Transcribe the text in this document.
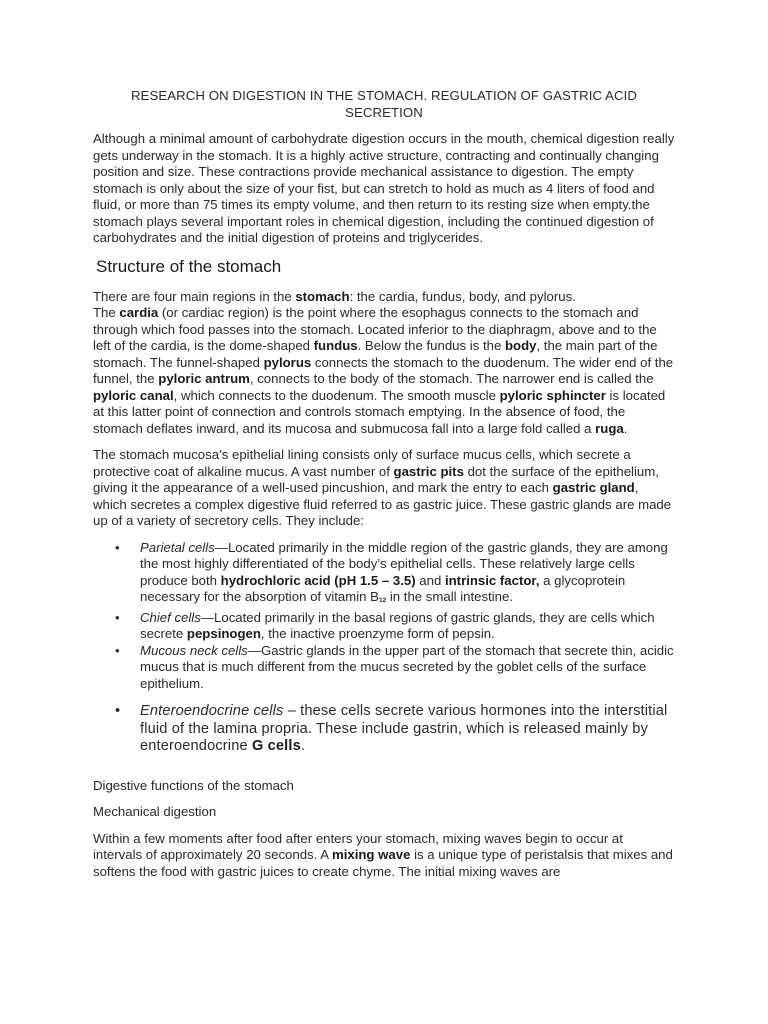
RESEARCH ON DIGESTION IN THE STOMACH. REGULATION OF GASTRIC ACID SECRETION

Although a minimal amount of carbohydrate digestion occurs in the mouth, chemical digestion really gets underway in the stomach. It is a highly active structure, contracting and continually changing position and size. These contractions provide mechanical assistance to digestion. The empty stomach is only about the size of your fist, but can stretch to hold as much as 4 liters of food and fluid, or more than 75 times its empty volume, and then return to its resting size when empty.the stomach plays several important roles in chemical digestion, including the continued digestion of carbohydrates and the initial digestion of proteins and triglycerides.

Structure of the stomach

There are four main regions in the stomach: the cardia, fundus, body, and pylorus.

The cardia (or cardiac region) is the point where the esophagus connects to the stomach and through which food passes into the stomach. Located inferior to the diaphragm, above and to the left of the cardia, is the dome-shaped fundus. Below the fundus is the body, the main part of the stomach. The funnel-shaped pylorus connects the stomach to the duodenum. The wider end of the funnel, the pyloric antrum, connects to the body of the stomach. The narrower end is called the pyloric canal, which connects to the duodenum. The smooth muscle pyloric sphincter is located at this latter point of connection and controls stomach emptying. In the absence of food, the stomach deflates inward, and its mucosa and submucosa fall into a large fold called a ruga.

The stomach mucosa’s epithelial lining consists only of surface mucus cells, which secrete a protective coat of alkaline mucus. A vast number of gastric pits dot the surface of the epithelium, giving it the appearance of a well-used pincushion, and mark the entry to each gastric gland, which secretes a complex digestive fluid referred to as gastric juice. These gastric glands are made up of a variety of secretory cells. They include:

• Parietal cells—Located primarily in the middle region of the gastric glands, they are among the most highly differentiated of the body’s epithelial cells. These relatively large cells produce both hydrochloric acid (pH 1.5 – 3.5) and intrinsic factor, a glycoprotein necessary for the absorption of vitamin B12 in the small intestine.
• Chief cells—Located primarily in the basal regions of gastric glands, they are cells which secrete pepsinogen, the inactive proenzyme form of pepsin.
• Mucous neck cells—Gastric glands in the upper part of the stomach that secrete thin, acidic mucus that is much different from the mucus secreted by the goblet cells of the surface epithelium.
• Enteroendocrine cells – these cells secrete various hormones into the interstitial fluid of the lamina propria. These include gastrin, which is released mainly by enteroendocrine G cells.

Digestive functions of the stomach

Mechanical digestion

Within a few moments after food after enters your stomach, mixing waves begin to occur at intervals of approximately 20 seconds. A mixing wave is a unique type of peristalsis that mixes and softens the food with gastric juices to create chyme. The initial mixing waves are
